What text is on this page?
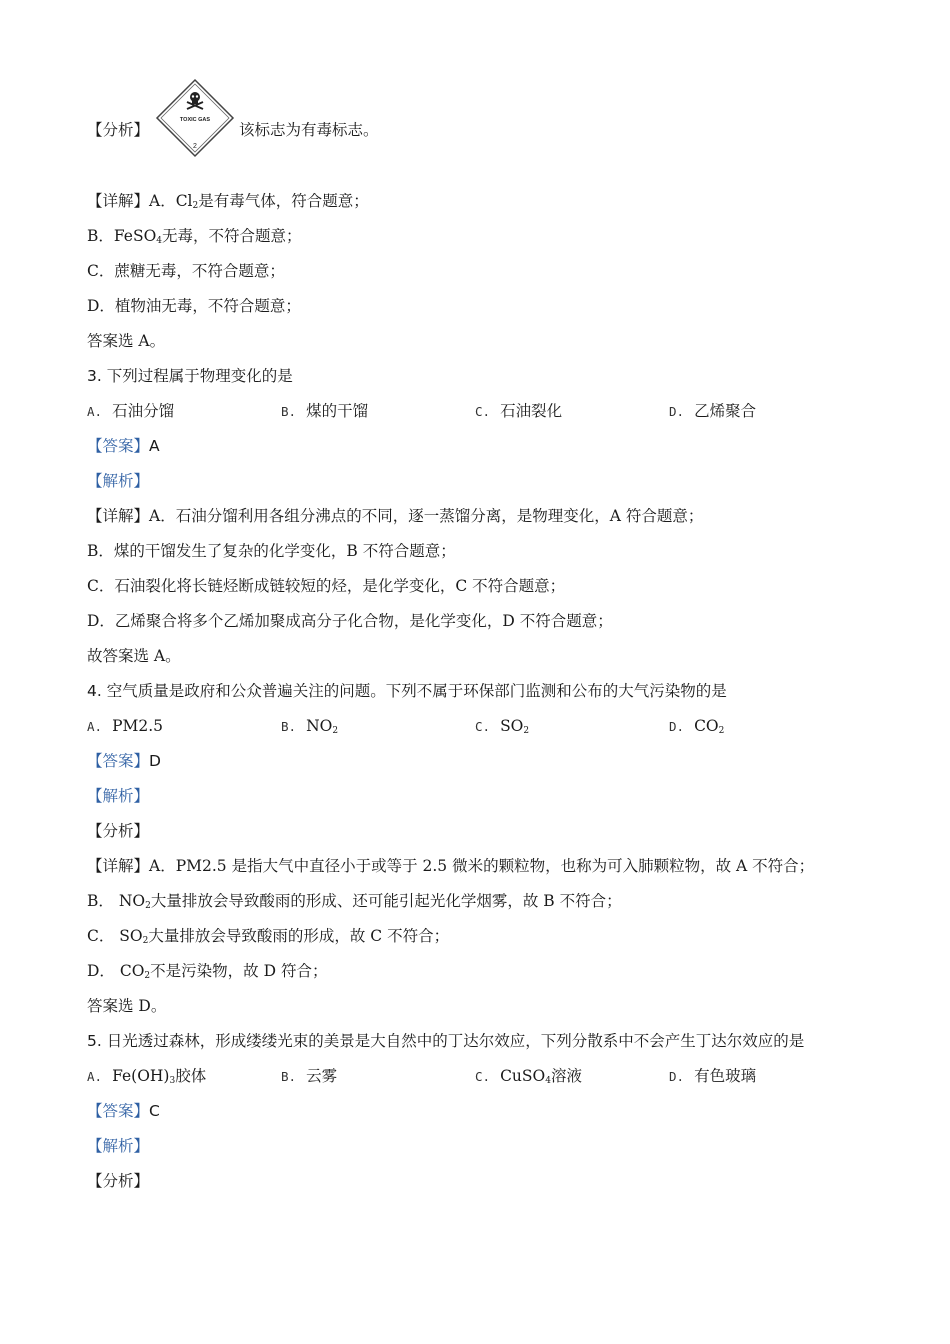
【分析】
TOXIC GAS
2
该标志为有毒标志。
【详解】A．$Cl_2$是有毒气体，符合题意；
B．FeSO$_4$无毒，不符合题意；
C．蔗糖无毒，不符合题意；
D．植物油无毒，不符合题意；
答案选 A。
3. 下列过程属于物理变化的是
A. 石油分馏	B. 煤的干馏	C. 石油裂化	D. 乙烯聚合
【答案】A
【解析】
【详解】A．石油分馏利用各组分沸点的不同，逐一蒸馏分离，是物理变化，A 符合题意；
B．煤的干馏发生了复杂的化学变化，B 不符合题意；
C．石油裂化将长链烃断成链较短的烃，是化学变化，C 不符合题意；
D．乙烯聚合将多个乙烯加聚成高分子化合物，是化学变化，D 不符合题意；
故答案选 A。
4. 空气质量是政府和公众普遍关注的问题。下列不属于环保部门监测和公布的大气污染物的是
A. PM2.5	B. $NO_2$	C. $SO_2$	D. $CO_2$
【答案】D
【解析】
【分析】
【详解】A．PM2.5 是指大气中直径小于或等于 2.5 微米的颗粒物，也称为可入肺颗粒物，故 A 不符合；
B． $NO_2$大量排放会导致酸雨的形成、还可能引起光化学烟雾，故 B 不符合；
C． $SO_2$大量排放会导致酸雨的形成，故 C 不符合；
D． $CO_2$不是污染物，故 D 符合；
答案选 D。
5. 日光透过森林，形成缕缕光束的美景是大自然中的丁达尔效应，下列分散系中不会产生丁达尔效应的是
A. $Fe(OH)_3$胶体	B. 云雾	C. CuSO$_4$溶液	D. 有色玻璃
【答案】C
【解析】
【分析】
